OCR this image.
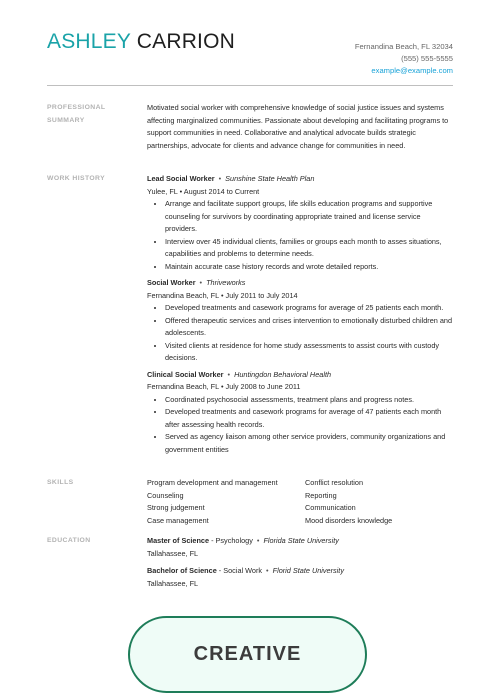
ASHLEY CARRION	Fernandina Beach, FL 32034
(555) 555-5555
example@example.com
PROFESSIONAL SUMMARY
Motivated social worker with comprehensive knowledge of social justice issues and systems affecting marginalized communities. Passionate about developing and facilitating programs to support communities in need. Collaborative and analytical advocate builds strategic partnerships, advocate for clients and advance change for communities in need.
WORK HISTORY	Lead Social Worker • Sunshine State Health Plan
Yulee, FL • August 2014 to Current
• Arrange and facilitate support groups, life skills education programs and supportive counseling for survivors by coordinating appropriate trained and license service providers.
• Interview over 45 individual clients, families or groups each month to asses situations, capabilities and problems to determine needs.
• Maintain accurate case history records and wrote detailed reports.
Social Worker • Thriveworks
Fernandina Beach, FL • July 2011 to July 2014
• Developed treatments and casework programs for average of 25 patients each month.
• Offered therapeutic services and crises intervention to emotionally disturbed children and adolescents.
• Visited clients at residence for home study assessments to assist courts with custody decisions.
Clinical Social Worker • Huntingdon Behavioral Health
Fernandina Beach, FL • July 2008 to June 2011
• Coordinated psychosocial assessments, treatment plans and progress notes.
• Developed treatments and casework programs for average of 47 patients each month after assessing health records.
• Served as agency liaison among other service providers, community organizations and government entities
SKILLS	Program development and management	Conflict resolution
Counseling	Reporting
Strong judgement	Communication
Case management	Mood disorders knowledge
EDUCATION	Master of Science - Psychology • Florida State University
Tallahassee, FL
Bachelor of Science - Social Work • Florid State University
Tallahassee, FL
CREATIVE
